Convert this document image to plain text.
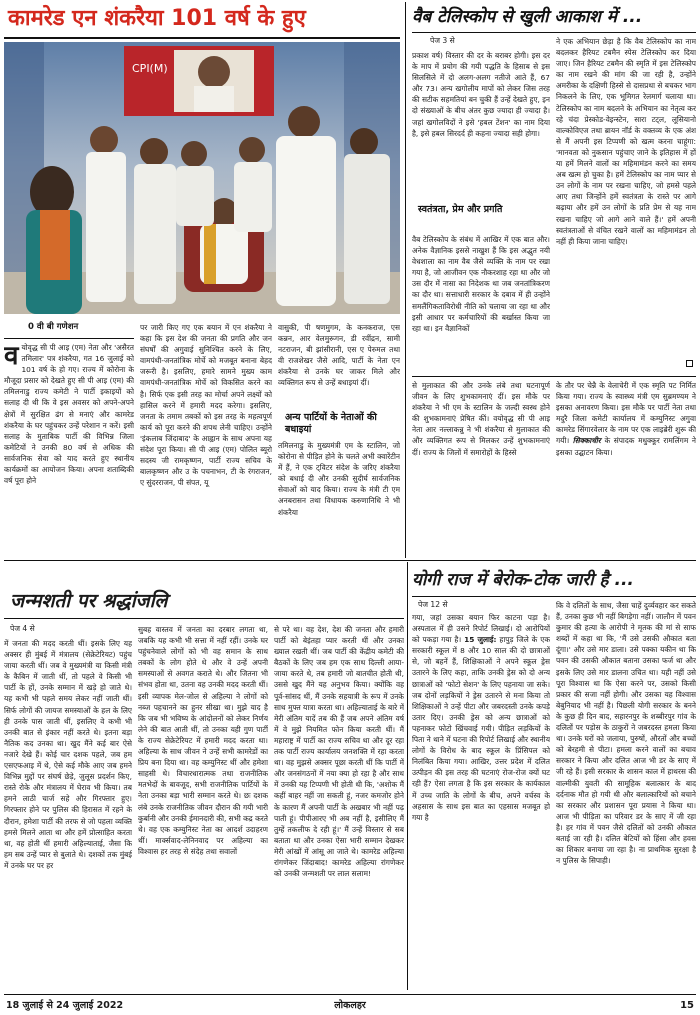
कामरेड एन शंकरैया 101 वर्ष के हुए
CPI(M)
0 वी बी गणेशन
व योवृद्ध सी पी आइ (एम) नेता और 'असैरत तमिलार' पत्र शंकरैया, गत 16 जुलाई को 101 वर्ष के हो गए। राज्य में कोरोना के मौजूदा प्रसार को देखते हुए सी पी आइ (एम) की तमिलनाडु राज्य कमेटी ने पार्टी इकाइयों को सलाह दी थी कि वे इस अवसर को अपने-अपने क्षेत्रों में सुरक्षित ढंग से मनाएं और कामरेड शंकरैया के घर पहुंचकर उन्हें परेशान न करें। इसी सलाह के मुताबिक पार्टी की विभिन्न जिला कमेटियों ने उनकी 80 वर्ष से अधिक की सार्वजनिक सेवा को याद करते हुए स्थानीय कार्यक्रमों का आयोजन किया। अपना शताब्दिकी वर्ष पूरा होने
पर जारी किए गए एक बयान में एन शंकरैया ने कहा कि इस देश की जनता की प्रगति और जन संघर्षों की अगुवाई सुनिश्चित करने के लिए, वामपंथी-जनतांत्रिक मोर्चे को मजबूत बनाना बेहद जरूरी है। इसलिए, हमारे सामने मुख्य काम वामपंथी-जनतांत्रिक मोर्चे को विकसित करने का है। सिर्फ एक इसी तरह का मोर्चा अपने लक्ष्यों को हासिल करने में हमारी मदद करेगा। इसलिए, जनता के तमाम तबकों को इस तरह के महत्वपूर्ण कार्य को पूरा करने की शपथ लेनी चाहिए। उन्होंने 'इंकलाब जिंदाबाद' के आह्वान के साथ अपना यह संदेश पूरा किया। सी पी आइ (एम) पोलित ब्यूरो सदस्य जी रामकृष्णन, पार्टी राज्य सचिव के बालकृष्णन और उ के पचनाभन, टी के रंगराजन, ए सुंदरराजन, पी संपत, यू
वासुकी, पी षणमुगम, के कनकराज, एस कन्नन, आर वेलमुरूगन, डी रवींद्रन, सामी नटराजन, बी झांसीरानी, एस ए पेरुमल तथा वी राजशेखर जैसे आदि, पार्टी के नेता एन शंकरैया से उनके घर जाकर मिले और व्यक्तिगत रूप से उन्हें बधाइयां दीं।
अन्य पार्टियों के नेताओं की बधाइयां
तमिलनाडु के मुख्यमंत्री एम के स्टालिन, जो कोरोना से पीड़ित होने के चलते अभी क्वारेंटीन में हैं, ने एक ट्विटर संदेश के जरिए शंकरैया को बधाई दी और उनकी सुदीर्घ सार्वजनिक सेवाओं को याद किया। राज्य के मंत्री टी एम अनबरासन तथा विधायक करुणानिधि ने भी शंकरैया
वैब टेलिस्कोप से खुली आकाश में ...
पेज 3 से
प्रकाश वर्ष) विस्तार की दर के बराबर होगी। इस दर के माप में प्रयोग की गयी पद्धति के हिसाब से इस सिलसिले में दो अलग-अलग नतीजे आते हैं, 67 और 73। अन्य खगोलीय मापों को लेकर जिस तरह की सटीक सहमतियां बन चुकी हैं उन्हें देखते हुए, इन दो संख्याओं के बीच अंतर कुछ ज्यादा ही ज्यादा है। जहां खगोलविदों ने इसे 'हबल टेंशन' का नाम दिया है, इसे हबल सिरदर्द ही कहना ज्यादा सही होगा।
स्वतंत्रता, प्रेम और प्रगति
वैब टेलिस्कोप के संबंध में आखिर में एक बात और। अनेक वैज्ञानिक इससे नाखुश हैं कि इस अद्भुत नयी वेधशाला का नाम वैब जैसे व्यक्ति के नाम पर रखा गया है, जो आजीवन एक नौकरशाह रहा था और जो उस दौर में नासा का निदेशक था जब जनतांत्रिकरण का दौर था। सत्ताधारी सरकार के दबाव में ही उन्होंने समलैंगिकताविरोधी नीति को चलाया जा रहा था और इसी आधार पर कर्मचारियों की बर्खास्त किया जा रहा था। इन वैज्ञानिकों
ने एक अभियान छेड़ा है कि वैब टेलिस्कोप का नाम बदलकर हैरियट टबमैन स्पेस टेलिस्कोप कर दिया जाए। जिन हैरियट टबमैन की स्मृति में इस टेलिस्कोप का नाम रखने की मांग की जा रही है, उन्होंने अमरीका के दक्षिणी हिस्से से दासप्रथा से बचकर भाग निकलने के लिए, एक भूमिगत रेलमार्ग चलाया था। टेलिस्कोप का नाम बदलने के अभियान का नेतृत्व कर रहे चंदा प्रेस्कोड-वेइन्स्टेन, सारा टट्ल, लूसियानो वाल्कोविएज तथा ब्रायन नॉर्ड के वक्तव्य के एक अंश से मैं अपनी इस टिप्पणी को खत्म करना चाहूंगा: 'मानवता को नुकसान पहुंचाए जाने के इतिहास में हों या हमें मिलने वालों का महिमामंडन करने का समय अब खत्म हो चुका है। हमें टेलिस्कोप का नाम प्यार से उन लोगों के नाम पर रखना चाहिए, जो हमसे पहले आए तथा जिन्होंने हमें स्वतंत्रता के रास्ते पर आगे बढ़ाया और हमें उन लोगों के प्रति प्रेम से यह नाम रखना चाहिए जो आगे आने वाले हैं।' हमें अपनी स्वतंत्रताओं से वंचित रखने वालों का महिमामंडन तो नहीं ही किया जाना चाहिए।
से मुलाकात की और उनके लंबे तथा घटनापूर्ण जीवन के लिए शुभकामनाएं दीं। इस मौके पर शंकरैया ने भी एम के स्टालिन के जल्दी स्वस्थ होने की शुभकामनाएं प्रेषित कीं। वयोवृद्ध सी पी आइ नेता आर नल्लाकन्नु ने भी शंकरैया से मुलाकात की और व्यक्तिगत रूप से मिलकर उन्हें शुभकामनाएं दीं। राज्य के जिलों में समारोहों के हिस्से
के तौर पर चेन्नै के वेलाचेरी में एक स्मृति पट निर्मित किया गया। राज्य के स्वास्थ्य मंत्री एम सुब्रमण्यम ने इसका अनावरण किया। इस मौके पर पार्टी नेता तथा मदुरै जिला कमेटी कार्यालय में कम्युनिस्ट अगुवा कामरेड सिंगारवेलार के नाम पर एक लाइब्रेरी शुरू की गयी। सिक्काधीर के संपादक मधुक्कूर रामलिंगम ने इसका उद्घाटन किया।
जन्मशती पर श्रद्धांजलि
पेज 4 से
में जनता की मदद करती थीं। इसके लिए यह अक्सर ही मुंबई में मंत्रालय (सेक्रेटेरियट) पहुंच जाया करती थीं। जब वे मुख्यमंत्री या किसी मंत्री के कैबिन में जाती थीं, तो पहले वे किसी भी पार्टी के हों, उनके सम्मान में खड़े हो जाते थे। यह कभी भी पहले समय लेकर नहीं जाती थीं। सिर्फ लोगों की जायज समस्याओं के हल के लिए ही उनके पास जाती थीं, इसलिए वे कभी भी उनकी बात से इंकार नहीं करते थे। इतना बड़ा नैतिक कद उनका था। खुद मैंने कई बार ऐसे नजारे देखे हैं। कोई चार दशक पहले, जब हम एसएफआइ में थे, ऐसे कई मौके आए जब हमने विभिन्न मुद्दों पर संघर्ष छेड़े, जुलूस प्रदर्शन किए, रास्ते रोके और मंत्रालय में घेराव भी किया। तब हमने लाठी चार्ज सहे और गिरफ्तार हुए। गिरफ्तार होने पर पुलिस की हिरासत में रहने के दौरान, हमेशा पार्टी की तरफ से जो पहला व्यक्ति हमसे मिलने आता था और हमें प्रोत्साहित करता था, वह होती थीं हमारी अहिल्याताई, जैसा कि हम सब उन्हें प्यार से बुलाते थे। दशकों तक मुंबई में उनके घर पर हर
सुबह वास्तव में जनता का दरबार लगता था, जबकि यह कभी भी सत्ता में नहीं रहीं। उनके घर पहुंचनेवाले लोगों को भी वह समान के साथ तबकों के लोग होते थे और वे उन्हें अपनी समस्याओं से अवगत कराते थे। और जितना भी संभव होता था, उतना वह उनकी मदद करती थीं। इसी व्यापक मेल-जोल से अहिल्या ने लोगों को नब्ज पहचानने का हुनर सीखा था। मुझे याद है कि जब भी भविष्य के आंदोलनों को लेकर निर्णय लेने की बात आती थीं, तो उनका यही गुण पार्टी के राज्य सेक्रेटेरियट में हमारी मदद करता था। अहिल्या के साथ जीवन ने उन्हें सभी कामरेडों का प्रिय बना दिया था। वह कम्युनिस्ट थीं और हमेशा साहसी थे। विचारधारात्मक तथा राजनीतिक मतभेदों के बावजूद, सभी राजनीतिक पार्टियों के नेता उनका बड़ा भारी सम्मान करते थे। छः दशक लंबे उनके राजनीतिक जीवन दौरान की गयी भारी कुर्बानी और उनकी ईमानदारी की, सभी कद्र करते थे। वह एक कम्युनिस्ट नेता का आदर्श उदाहरण थीं। मार्क्सवाद-लेनिनवाद पर अहिल्या का विश्वास हर तरह से संदेह तथा सवालों
से परे था। वह देश, देश की जनता और हमारी पार्टी को बेइंतहा प्यार करती थीं और उनका ख्याल रखती थीं। जब पार्टी की केंद्रीय कमेटी की बैठकों के लिए जब हम एक साथ दिल्ली आया-जाया करते थे, तब हमारी जो बातचीत होती थी, उससे खुद मैंने यह अनुभव किया। क्योंकि वह पूर्व-सांसद थीं, मैं उनके सहयात्री के रूप में उनके साथ मुफ्त यात्रा करता था। अहिल्याताई के बारे में मेरी अंतिम यादें तब की हैं जब अपने अंतिम वर्ष में वे मुझे नियमित फोन किया करती थीं। मैं महाराष्ट्र में पार्टी का राज्य सचिव था और दूर रहा तक पार्टी राज्य कार्यालय जनशक्ति में रहा करता था। वह मुझसे अक्सर पूछा करती थीं कि पार्टी में और जनसंगठनों में नया क्या हो रहा है और साथ में उनकी यह टिप्पणी भी होती थी कि, 'अशोक मैं कहीं बाहर नहीं जा सकती हूं, नजर कमजोर होने के कारण मैं अपनी पार्टी के अखबार भी नहीं पढ़ पाती हूं। पीपीआरए भी अब नहीं है, इसीलिए मैं तुम्हें तकलीफ दे रही हूं।' मैं उन्हें विस्तार से सब बताता था और उनका ऐसा भारी सम्मान देखकर मेरी आंखों में आंसू आ जाते थे। कामरेड अहिल्या रांगणेकर जिंदाबाद! कामरेड अहिल्या रांगणेकर को उनकी जन्मशती पर लाल सलाम!
योगी राज में बेरोक-टोक जारी है ...
पेज 12 से
गया, जहां उसका बयान फिर काटना पड़ा है। अस्पताल में ही उसने रिपोर्ट लिखाई। दो आरोपियों को पकड़ा गया है। 15 जुलाई: हापुड़ जिले के एक सरकारी स्कूल में 8 और 10 साल की दो छात्राओं से, जो बहनें हैं, शिक्षिकाओं ने अपने स्कूल ड्रेस उतारने के लिए कहा, ताकि उनकी ड्रेस को दो अन्य छात्राओं को 'फोटो सेशन' के लिए पहनाया जा सके। जब दोनों लड़कियों ने ड्रेस उतारने से मना किया तो शिक्षिकाओं ने उन्हें पीटा और जबरदस्ती उनके कपड़े उतार दिए। उनकी ड्रेस को अन्य छात्राओं को पहनाकर फोटो खिंचवाई गयी। पीड़ित लड़कियों के पिता ने थाने में घटना की रिपोर्ट लिखाई और स्थानीय लोगों के विरोध के बाद स्कूल के प्रिंसिपल को निलंबित किया गया। आखिर, उत्तर प्रदेश में दलित उत्पीड़न की इस तरह की घटनाएं रोज-रोज क्यों घट रही हैं? ऐसा लगता है कि इस सरकार के कार्यकाल में उच्च जाति के लोगों के बीच, अपने वर्चस्व के अहसास के साथ इस बात का एहसास मजबूत हो गया है
कि वे दलितों के साथ, जैसा चाहें दुर्व्यवहार कर सकते हैं, उनका कुछ भी नहीं बिगड़ेगा नहीं। जालौन में पवन कुमार की हत्या के आरोपी ने मृतक की मां से साफ शब्दों में कहा था कि, 'मैं उसे उसकी औकात बता दूंगा।' और उसे मार डाला। उसे पक्का यकीन था कि पवन की उसकी औकात बताना उसका फर्ज था और इसके लिए उसे मार डालना उचित था। यही नहीं उसे पूरा विश्वास था कि ऐसा करने पर, उसको किसी प्रकार की सजा नहीं होगी। और उसका यह विश्वास बेबुनियाद भी नहीं है। पिछली योगी सरकार के बनने के कुछ ही दिन बाद, सहारनपुर के शब्बीरपुर गांव के दलितों पर पड़ोस के ठाकुरों ने जबरदस्त हमला किया था। उनके घरों को जलाया, पुरुषों, औरतों और बच्चों को बेरहमी से पीटा। हमला करने वालों का बचाव सरकार ने किया और दलित आज भी डर के साए में जी रहे हैं। इसी सरकार के शासन काल में हाथरस की वाल्मीकी युवती की सामूहिक बलात्कार के बाद दर्दनाक मौत हो गयी थी और बलात्कारियों को बचाने का सरकार और प्रशासन पूरा प्रयास ने किया था। आज भी पीड़िता का परिवार डर के साए में जी रहा है। हर गांव में पवन जैसे दलितों को उनकी औकात बताई जा रही है। दलित बेटियों को हिंसा और हवस का शिकार बनाया जा रहा है। ना प्राथमिक सुरक्षा है न पुलिस के सिपाही।
18 जुलाई से 24 जुलाई 2022	लोकलहर	15
